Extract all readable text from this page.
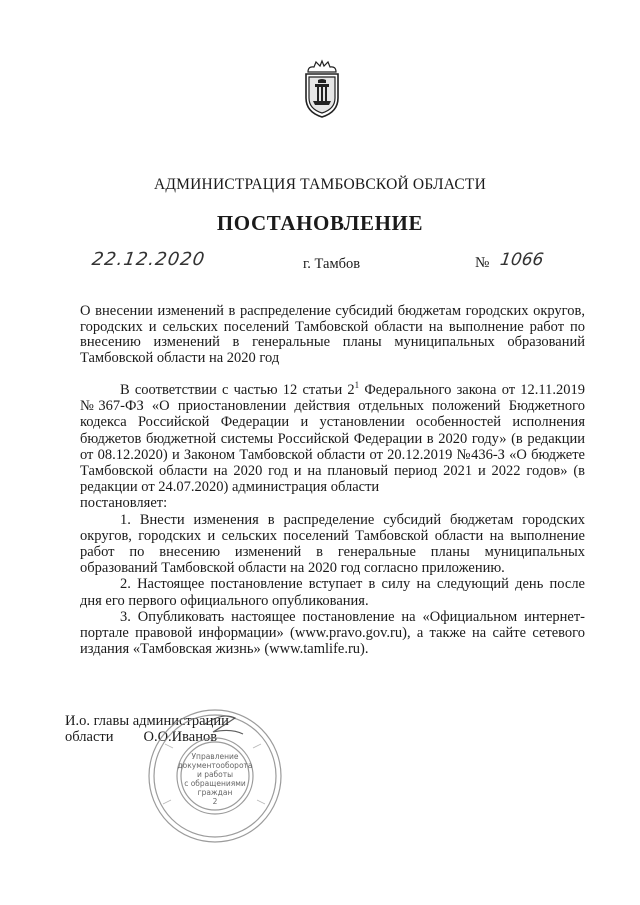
АДМИНИСТРАЦИЯ ТАМБОВСКОЙ ОБЛАСТИ
ПОСТАНОВЛЕНИЕ
22.12.2020	г. Тамбов	№ 1066
О внесении изменений в распределение субсидий бюджетам городских округов, городских и сельских поселений Тамбовской области на выполнение работ по внесению изменений в генеральные планы муниципальных образований Тамбовской области на 2020 год

В соответствии с частью 12 статьи $2^1$ Федерального закона от 12.11.2019 №367-ФЗ «О приостановлении действия отдельных положений Бюджетного кодекса Российской Федерации и установлении особенностей исполнения бюджетов бюджетной системы Российской Федерации в 2020 году» (в редакции от 08.12.2020) и Законом Тамбовской области от 20.12.2019 №436-З «О бюджете Тамбовской области на 2020 год и на плановый период 2021 и 2022 годов» (в редакции от 24.07.2020) администрация области

постановляет:

1. Внести изменения в распределение субсидий бюджетам городских округов, городских и сельских поселений Тамбовской области на выполнение работ по внесению изменений в генеральные планы муниципальных образований Тамбовской области на 2020 год согласно приложению.

2. Настоящее постановление вступает в силу на следующий день после дня его первого официального опубликования.

3. Опубликовать настоящее постановление на «Официальном интернет-портале правовой информации» (www.pravo.gov.ru), а также на сайте сетевого издания «Тамбовская жизнь» (www.tamlife.ru).

И.о. главы администрации
области О.О.Иванов
Управление
документооборота
и работы
с обращениями
граждан
2
